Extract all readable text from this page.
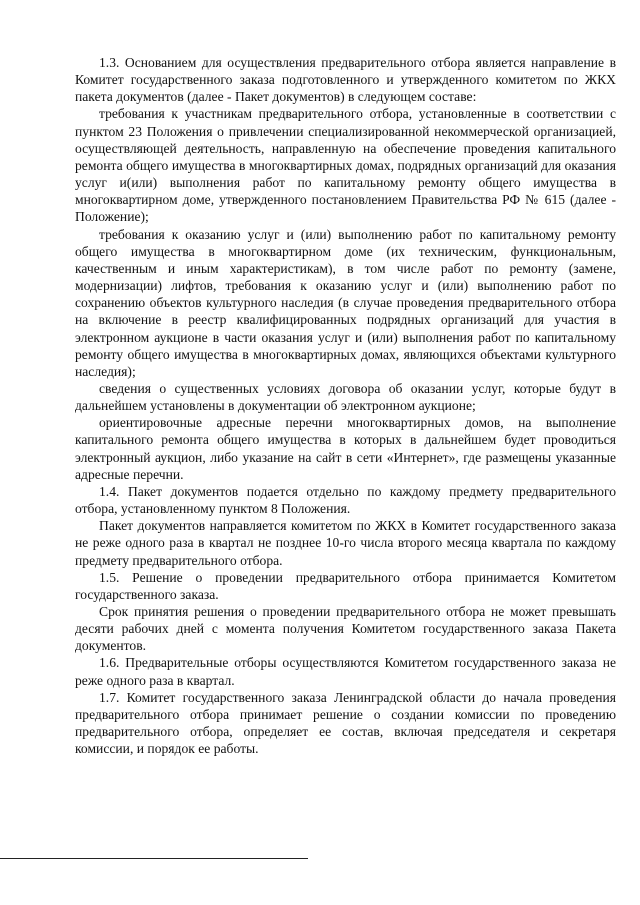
1.3. Основанием для осуществления предварительного отбора является направление в Комитет государственного заказа подготовленного и утвержденного комитетом по ЖКХ пакета документов (далее - Пакет документов) в следующем составе:

требования к участникам предварительного отбора, установленные в соответствии с пунктом 23 Положения о привлечении специализированной некоммерческой организацией, осуществляющей деятельность, направленную на обеспечение проведения капитального ремонта общего имущества в многоквартирных домах, подрядных организаций для оказания услуг и(или) выполнения работ по капитальному ремонту общего имущества в многоквартирном доме, утвержденного постановлением Правительства РФ № 615 (далее - Положение);

требования к оказанию услуг и (или) выполнению работ по капитальному ремонту общего имущества в многоквартирном доме (их техническим, функциональным, качественным и иным характеристикам), в том числе работ по ремонту (замене, модернизации) лифтов, требования к оказанию услуг и (или) выполнению работ по сохранению объектов культурного наследия (в случае проведения предварительного отбора на включение в реестр квалифицированных подрядных организаций для участия в электронном аукционе в части оказания услуг и (или) выполнения работ по капитальному ремонту общего имущества в многоквартирных домах, являющихся объектами культурного наследия);

сведения о существенных условиях договора об оказании услуг, которые будут в дальнейшем установлены в документации об электронном аукционе;

ориентировочные адресные перечни многоквартирных домов, на выполнение капитального ремонта общего имущества в которых в дальнейшем будет проводиться электронный аукцион, либо указание на сайт в сети «Интернет», где размещены указанные адресные перечни.

1.4. Пакет документов подается отдельно по каждому предмету предварительного отбора, установленному пунктом 8 Положения.

Пакет документов направляется комитетом по ЖКХ в Комитет государственного заказа не реже одного раза в квартал не позднее 10-го числа второго месяца квартала по каждому предмету предварительного отбора.

1.5. Решение о проведении предварительного отбора принимается Комитетом государственного заказа.

Срок принятия решения о проведении предварительного отбора не может превышать десяти рабочих дней с момента получения Комитетом государственного заказа Пакета документов.

1.6. Предварительные отборы осуществляются Комитетом государственного заказа не реже одного раза в квартал.

1.7. Комитет государственного заказа Ленинградской области до начала проведения предварительного отбора принимает решение о создании комиссии по проведению предварительного отбора, определяет ее состав, включая председателя и секретаря комиссии, и порядок ее работы.
